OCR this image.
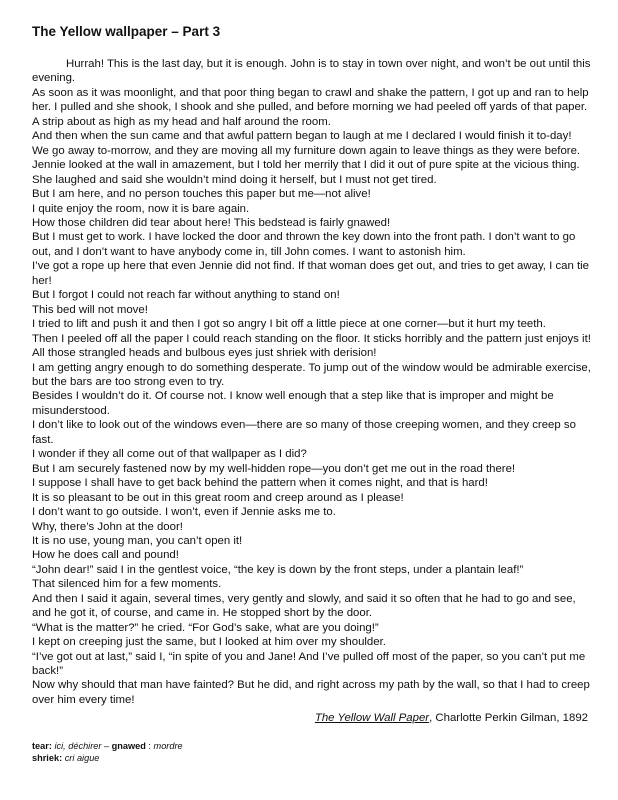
The Yellow wallpaper – Part 3

Hurrah! This is the last day, but it is enough. John is to stay in town over night, and won’t be out until this evening.

As soon as it was moonlight, and that poor thing began to crawl and shake the pattern, I got up and ran to help her. I pulled and she shook, I shook and she pulled, and before morning we had peeled off yards of that paper. A strip about as high as my head and half around the room.

And then when the sun came and that awful pattern began to laugh at me I declared I would finish it to-day!

We go away to-morrow, and they are moving all my furniture down again to leave things as they were before. Jennie looked at the wall in amazement, but I told her merrily that I did it out of pure spite at the vicious thing. She laughed and said she wouldn’t mind doing it herself, but I must not get tired.

But I am here, and no person touches this paper but me—not alive!

I quite enjoy the room, now it is bare again.

How those children did tear about here! This bedstead is fairly gnawed!

But I must get to work. I have locked the door and thrown the key down into the front path. I don’t want to go out, and I don’t want to have anybody come in, till John comes. I want to astonish him.

I’ve got a rope up here that even Jennie did not find. If that woman does get out, and tries to get away, I can tie her!

But I forgot I could not reach far without anything to stand on!

This bed will not move!

I tried to lift and push it and then I got so angry I bit off a little piece at one corner—but it hurt my teeth.

Then I peeled off all the paper I could reach standing on the floor. It sticks horribly and the pattern just enjoys it! All those strangled heads and bulbous eyes just shriek with derision!

I am getting angry enough to do something desperate. To jump out of the window would be admirable exercise, but the bars are too strong even to try.

Besides I wouldn’t do it. Of course not. I know well enough that a step like that is improper and might be misunderstood.

I don’t like to look out of the windows even—there are so many of those creeping women, and they creep so fast.

I wonder if they all come out of that wallpaper as I did?

But I am securely fastened now by my well-hidden rope—you don’t get me out in the road there!

I suppose I shall have to get back behind the pattern when it comes night, and that is hard!

It is so pleasant to be out in this great room and creep around as I please!

I don’t want to go outside. I won’t, even if Jennie asks me to.

Why, there’s John at the door!

It is no use, young man, you can’t open it!

How he does call and pound!

“John dear!” said I in the gentlest voice, “the key is down by the front steps, under a plantain leaf!”

That silenced him for a few moments.

And then I said it again, several times, very gently and slowly, and said it so often that he had to go and see, and he got it, of course, and came in. He stopped short by the door.

“What is the matter?” he cried. “For God’s sake, what are you doing!”

I kept on creeping just the same, but I looked at him over my shoulder.

“I’ve got out at last,” said I, “in spite of you and Jane! And I’ve pulled off most of the paper, so you can’t put me back!”

Now why should that man have fainted? But he did, and right across my path by the wall, so that I had to creep over him every time!

The Yellow Wall Paper, Charlotte Perkin Gilman, 1892
tear: ici, déchirer – gnawed : mordre
shriek: cri aigue
